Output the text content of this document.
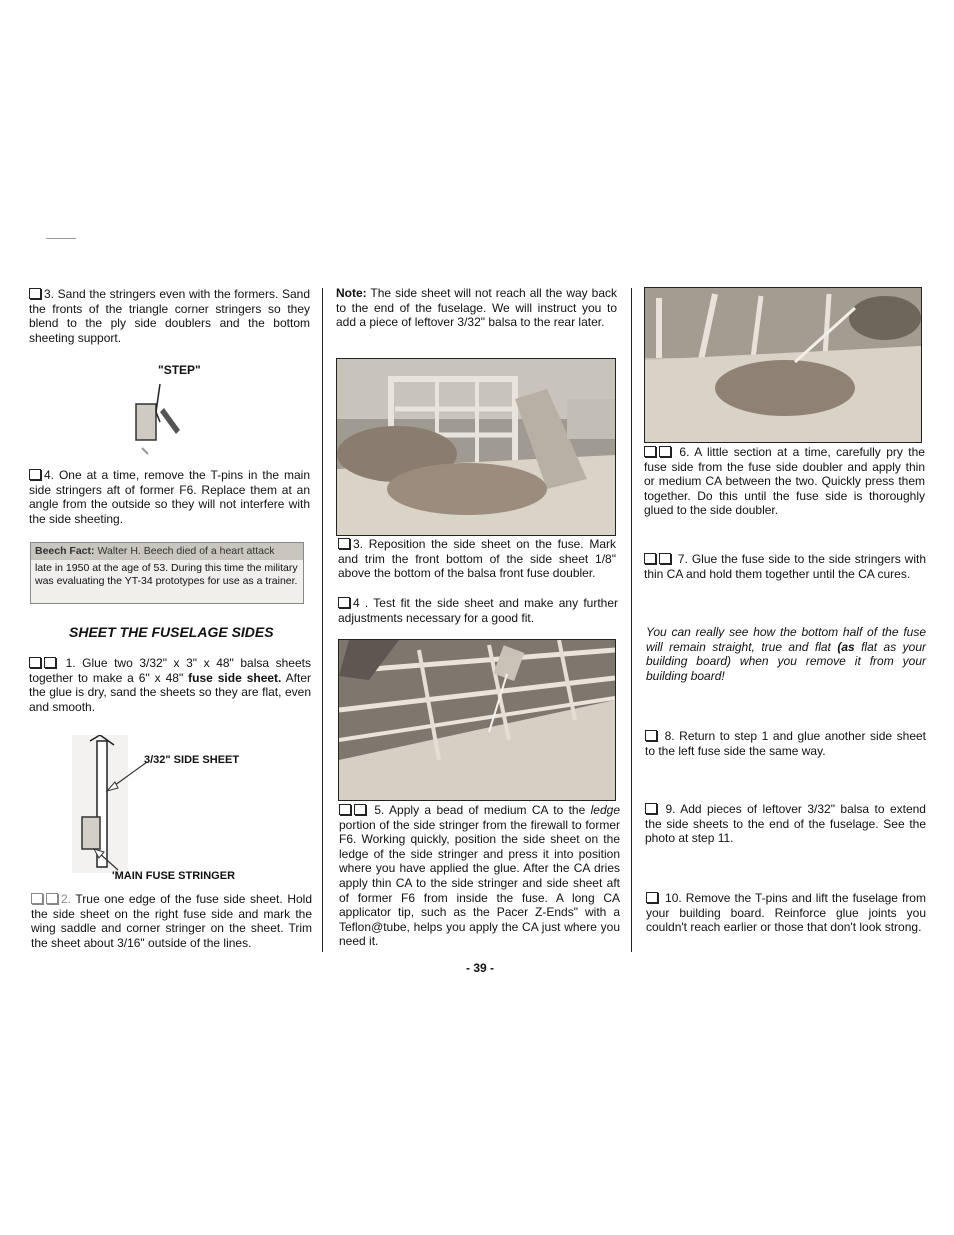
3. Sand the stringers even with the formers. Sand the fronts of the triangle corner stringers so they blend to the ply side doublers and the bottom sheeting support.

"STEP"

4. One at a time, remove the T-pins in the main side stringers aft of former F6. Replace them at an angle from the outside so they will not interfere with the side sheeting.

Beech Fact: Walter H. Beech died of a heart attack
late in 1950 at the age of 53. During this time the military was evaluating the YT-34 prototypes for use as a trainer.
SHEET THE FUSELAGE SIDES

1. Glue two 3/32" x 3" x 48" balsa sheets together to make a 6" x 48" fuse side sheet. After the glue is dry, sand the sheets so they are flat, even and smooth.

3/32" SIDE SHEET
'MAIN FUSE STRINGER

2. True one edge of the fuse side sheet. Hold the side sheet on the right fuse side and mark the wing saddle and corner stringer on the sheet. Trim the sheet about 3/16" outside of the lines.

Note: The side sheet will not reach all the way back to the end of the fuselage. We will instruct you to add a piece of leftover 3/32" balsa to the rear later.

3. Reposition the side sheet on the fuse. Mark and trim the front bottom of the side sheet 1/8" above the bottom of the balsa front fuse doubler.

4 . Test fit the side sheet and make any further adjustments necessary for a good fit.

5. Apply a bead of medium CA to the ledge portion of the side stringer from the firewall to former F6. Working quickly, position the side sheet on the ledge of the side stringer and press it into position where you have applied the glue. After the CA dries apply thin CA to the side stringer and side sheet aft of former F6 from inside the fuse. A long CA applicator tip, such as the Pacer Z-Ends" with a Teflon@tube, helps you apply the CA just where you need it.

6. A little section at a time, carefully pry the fuse side from the fuse side doubler and apply thin or medium CA between the two. Quickly press them together. Do this until the fuse side is thoroughly glued to the side doubler.

7. Glue the fuse side to the side stringers with thin CA and hold them together until the CA cures.

You can really see how the bottom half of the fuse will remain straight, true and flat (as flat as your building board) when you remove it from your building board!

8. Return to step 1 and glue another side sheet to the left fuse side the same way.

9. Add pieces of leftover 3/32" balsa to extend the side sheets to the end of the fuselage. See the photo at step 11.

10. Remove the T-pins and lift the fuselage from your building board. Reinforce glue joints you couldn't reach earlier or those that don't look strong.

- 39 -
